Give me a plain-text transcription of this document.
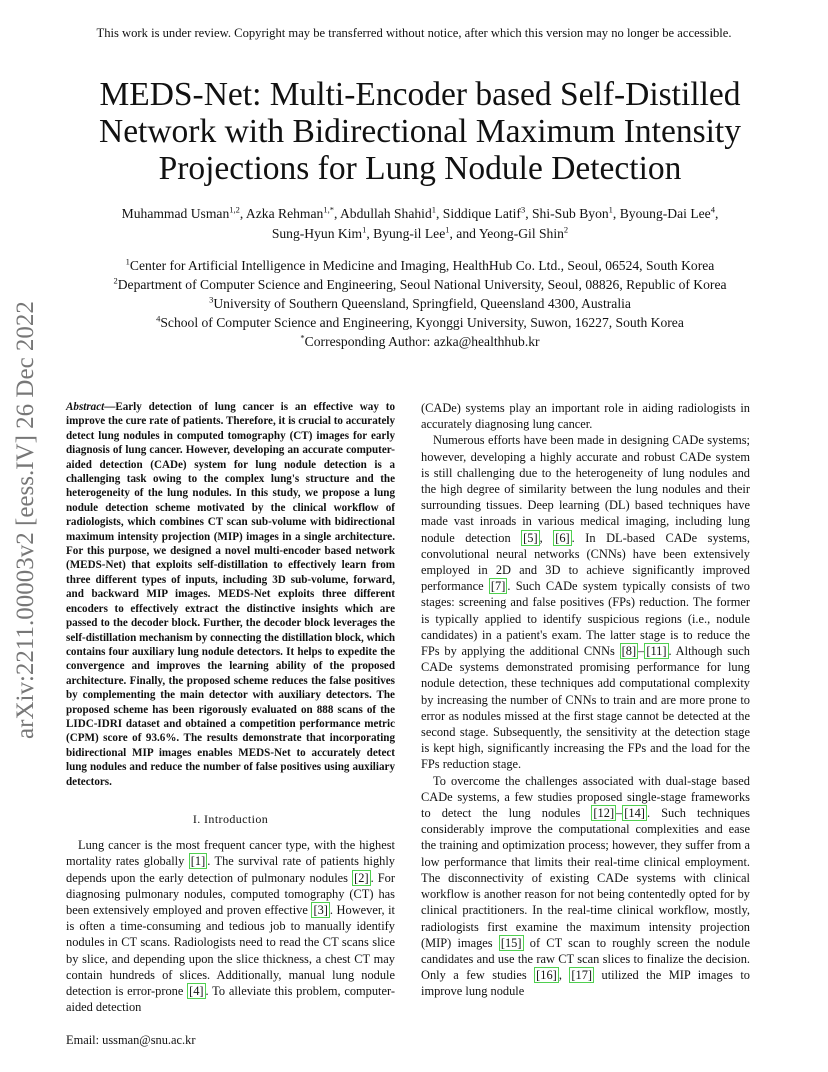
This work is under review. Copyright may be transferred without notice, after which this version may no longer be accessible.
arXiv:2211.00003v2 [eess.IV] 26 Dec 2022
MEDS-Net: Multi-Encoder based Self-Distilled Network with Bidirectional Maximum Intensity Projections for Lung Nodule Detection
Muhammad Usman$^{1,2}$, Azka Rehman$^{1,*}$, Abdullah Shahid$^1$, Siddique Latif$^3$, Shi-Sub Byon$^1$, Byoung-Dai Lee$^4$,
Sung-Hyun Kim$^1$, Byung-il Lee$^1$, and Yeong-Gil Shin$^2$
$^1$Center for Artificial Intelligence in Medicine and Imaging, HealthHub Co. Ltd., Seoul, 06524, South Korea
$^2$Department of Computer Science and Engineering, Seoul National University, Seoul, 08826, Republic of Korea
$^3$University of Southern Queensland, Springfield, Queensland 4300, Australia
$^4$School of Computer Science and Engineering, Kyonggi University, Suwon, 16227, South Korea
*Corresponding Author: azka@healthhub.kr
Abstract—Early detection of lung cancer is an effective way to improve the cure rate of patients. Therefore, it is crucial to accurately detect lung nodules in computed tomography (CT) images for early diagnosis of lung cancer. However, developing an accurate computer-aided detection (CADe) system for lung nodule detection is a challenging task owing to the complex lung's structure and the heterogeneity of the lung nodules. In this study, we propose a lung nodule detection scheme motivated by the clinical workflow of radiologists, which combines CT scan sub-volume with bidirectional maximum intensity projection (MIP) images in a single architecture. For this purpose, we designed a novel multi-encoder based network (MEDS-Net) that exploits self-distillation to effectively learn from three different types of inputs, including 3D sub-volume, forward, and backward MIP images. MEDS-Net exploits three different encoders to effectively extract the distinctive insights which are passed to the decoder block. Further, the decoder block leverages the self-distillation mechanism by connecting the distillation block, which contains four auxiliary lung nodule detectors. It helps to expedite the convergence and improves the learning ability of the proposed architecture. Finally, the proposed scheme reduces the false positives by complementing the main detector with auxiliary detectors. The proposed scheme has been rigorously evaluated on 888 scans of the LIDC-IDRI dataset and obtained a competition performance metric (CPM) score of 93.6%. The results demonstrate that incorporating bidirectional MIP images enables MEDS-Net to accurately detect lung nodules and reduce the number of false positives using auxiliary detectors.
I. Introduction

Lung cancer is the most frequent cancer type, with the highest mortality rates globally [1] . The survival rate of patients highly depends upon the early detection of pulmonary nodules [2] . For diagnosing pulmonary nodules, computed tomography (CT) has been extensively employed and proven effective [3] . However, it is often a time-consuming and tedious job to manually identify nodules in CT scans. Radiologists need to read the CT scans slice by slice, and depending upon the slice thickness, a chest CT may contain hundreds of slices. Additionally, manual lung nodule detection is error-prone [4] . To alleviate this problem, computer-aided detection

(CADe) systems play an important role in aiding radiologists in accurately diagnosing lung cancer.

Numerous efforts have been made in designing CADe systems; however, developing a highly accurate and robust CADe system is still challenging due to the heterogeneity of lung nodules and the high degree of similarity between the lung nodules and their surrounding tissues. Deep learning (DL) based techniques have made vast inroads in various medical imaging, including lung nodule detection [5] , [6] . In DL-based CADe systems, convolutional neural networks (CNNs) have been extensively employed in 2D and 3D to achieve significantly improved performance [7] . Such CADe system typically consists of two stages: screening and false positives (FPs) reduction. The former is typically applied to identify suspicious regions (i.e., nodule candidates) in a patient's exam. The latter stage is to reduce the FPs by applying the additional CNNs [8] – [11] . Although such CADe systems demonstrated promising performance for lung nodule detection, these techniques add computational complexity by increasing the number of CNNs to train and are more prone to error as nodules missed at the first stage cannot be detected at the second stage. Subsequently, the sensitivity at the detection stage is kept high, significantly increasing the FPs and the load for the FPs reduction stage.

To overcome the challenges associated with dual-stage based CADe systems, a few studies proposed single-stage frameworks to detect the lung nodules [12] – [14] . Such techniques considerably improve the computational complexities and ease the training and optimization process; however, they suffer from a low performance that limits their real-time clinical employment. The disconnectivity of existing CADe systems with clinical workflow is another reason for not being contentedly opted for by clinical practitioners. In the real-time clinical workflow, mostly, radiologists first examine the maximum intensity projection (MIP) images [15] of CT scan to roughly screen the nodule candidates and use the raw CT scan slices to finalize the decision. Only a few studies [16] , [17] utilized the MIP images to improve lung nodule

Email: ussman@snu.ac.kr
